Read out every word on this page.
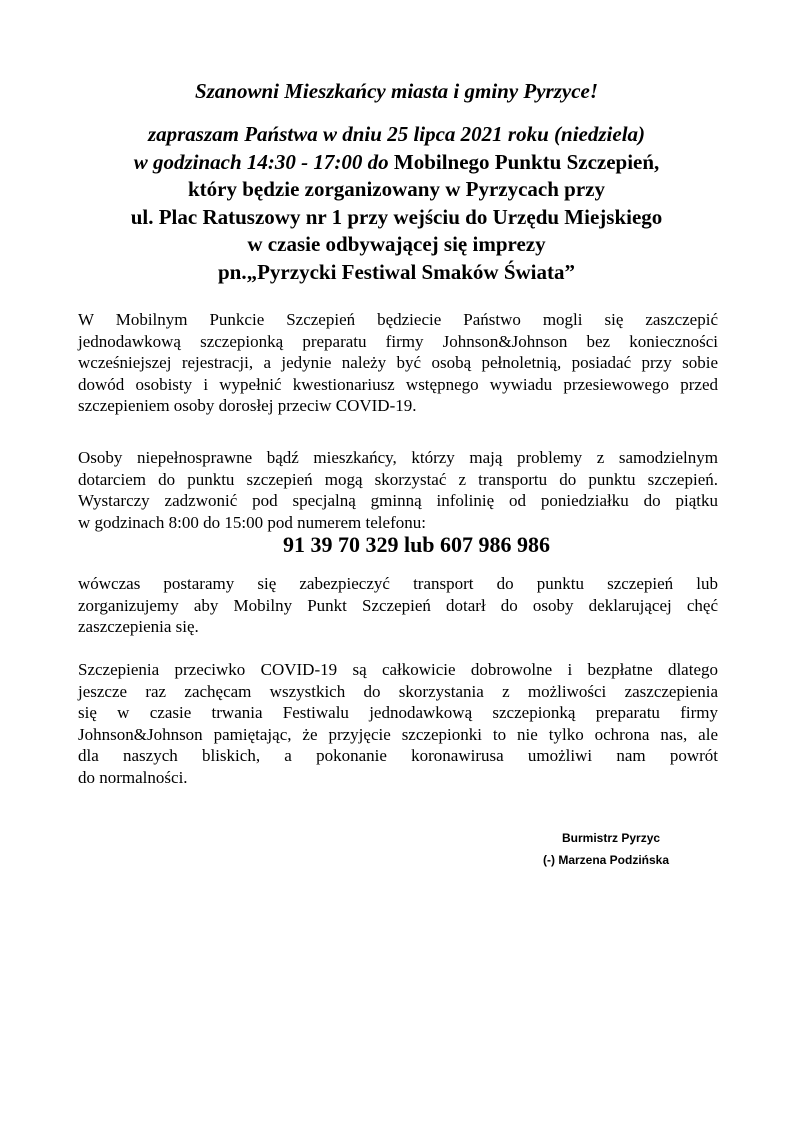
Szanowni Mieszkańcy miasta i gminy Pyrzyce!
zapraszam Państwa w dniu 25 lipca 2021 roku (niedziela)
w godzinach 14:30 - 17:00 do Mobilnego Punktu Szczepień,
który będzie zorganizowany w Pyrzycach przy
ul. Plac Ratuszowy nr 1 przy wejściu do Urzędu Miejskiego
w czasie odbywającej się imprezy
pn.„Pyrzycki Festiwal Smaków Świata”
W Mobilnym Punkcie Szczepień będziecie Państwo mogli się zaszczepić
jednodawkową szczepionką preparatu firmy Johnson&Johnson bez konieczności
wcześniejszej rejestracji, a jedynie należy być osobą pełnoletnią, posiadać przy sobie
dowód osobisty i wypełnić kwestionariusz wstępnego wywiadu przesiewowego przed
szczepieniem osoby dorosłej przeciw COVID-19.
Osoby niepełnosprawne bądź mieszkańcy, którzy mają problemy z samodzielnym
dotarciem do punktu szczepień mogą skorzystać z transportu do punktu szczepień.
Wystarczy zadzwonić pod specjalną gminną infolinię od poniedziałku do piątku
w godzinach 8:00 do 15:00 pod numerem telefonu:
91 39 70 329 lub 607 986 986
wówczas postaramy się zabezpieczyć transport do punktu szczepień lub
zorganizujemy aby Mobilny Punkt Szczepień dotarł do osoby deklarującej chęć
zaszczepienia się.
Szczepienia przeciwko COVID-19 są całkowicie dobrowolne i bezpłatne dlatego
jeszcze raz zachęcam wszystkich do skorzystania z możliwości zaszczepienia
się w czasie trwania Festiwalu jednodawkową szczepionką preparatu firmy
Johnson&Johnson pamiętając, że przyjęcie szczepionki to nie tylko ochrona nas, ale
dla naszych bliskich, a pokonanie koronawirusa umożliwi nam powrót
do normalności.
Burmistrz Pyrzyc
(-) Marzena Podzińska
